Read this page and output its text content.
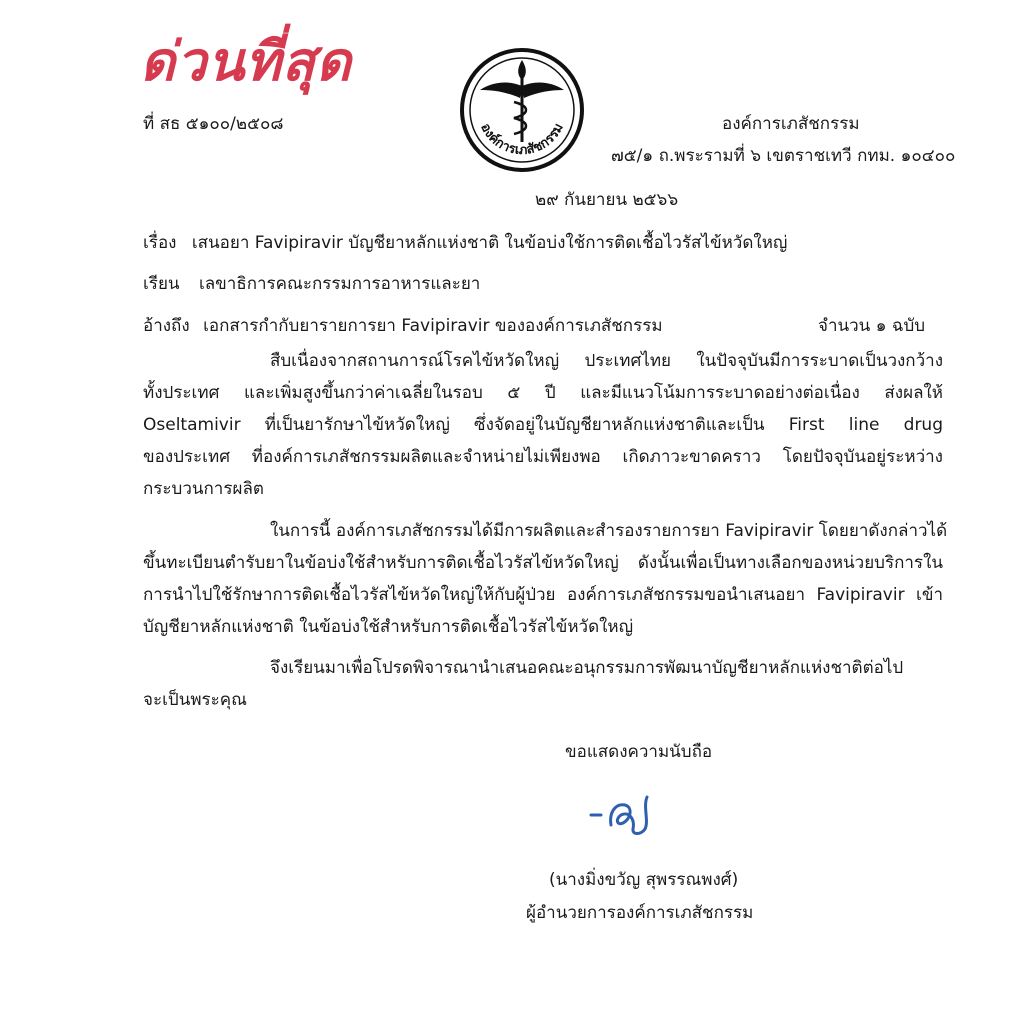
ด่วนที่สุด
ที่ สธ ๕๑๐๐/๒๕๐๘	องค์การเภสัชกรรม	องค์การเภสัชกรรม
๗๕/๑ ถ.พระรามที่ ๖ เขตราชเทวี กทม. ๑๐๔๐๐
๒๙ กันยายน ๒๕๖๖
เรื่อง เสนอยา Favipiravir บัญชียาหลักแห่งชาติ ในข้อบ่งใช้การติดเชื้อไวรัสไข้หวัดใหญ่
เรียน เลขาธิการคณะกรรมการอาหารและยา
อ้างถึง เอกสารกำกับยารายการยา Favipiravir ขององค์การเภสัชกรรม	จำนวน ๑ ฉบับ
สืบเนื่องจากสถานการณ์โรคไข้หวัดใหญ่ ประเทศไทย ในปัจจุบันมีการระบาดเป็นวงกว้าง
ทั้งประเทศ และเพิ่มสูงขึ้นกว่าค่าเฉลี่ยในรอบ ๕ ปี และมีแนวโน้มการระบาดอย่างต่อเนื่อง ส่งผลให้
Oseltamivir ที่เป็นยารักษาไข้หวัดใหญ่ ซึ่งจัดอยู่ในบัญชียาหลักแห่งชาติและเป็น First line drug
ของประเทศ ที่องค์การเภสัชกรรมผลิตและจำหน่ายไม่เพียงพอ เกิดภาวะขาดคราว โดยปัจจุบันอยู่ระหว่าง
กระบวนการผลิต
ในการนี้ องค์การเภสัชกรรมได้มีการผลิตและสำรองรายการยา Favipiravir โดยยาดังกล่าวได้
ขึ้นทะเบียนตำรับยาในข้อบ่งใช้สำหรับการติดเชื้อไวรัสไข้หวัดใหญ่ ดังนั้นเพื่อเป็นทางเลือกของหน่วยบริการใน
การนำไปใช้รักษาการติดเชื้อไวรัสไข้หวัดใหญ่ให้กับผู้ป่วย องค์การเภสัชกรรมขอนำเสนอยา Favipiravir เข้า
บัญชียาหลักแห่งชาติ ในข้อบ่งใช้สำหรับการติดเชื้อไวรัสไข้หวัดใหญ่
จึงเรียนมาเพื่อโปรดพิจารณานำเสนอคณะอนุกรรมการพัฒนาบัญชียาหลักแห่งชาติต่อไป
จะเป็นพระคุณ
ขอแสดงความนับถือ
(นางมิ่งขวัญ สุพรรณพงศ์)
ผู้อำนวยการองค์การเภสัชกรรม
